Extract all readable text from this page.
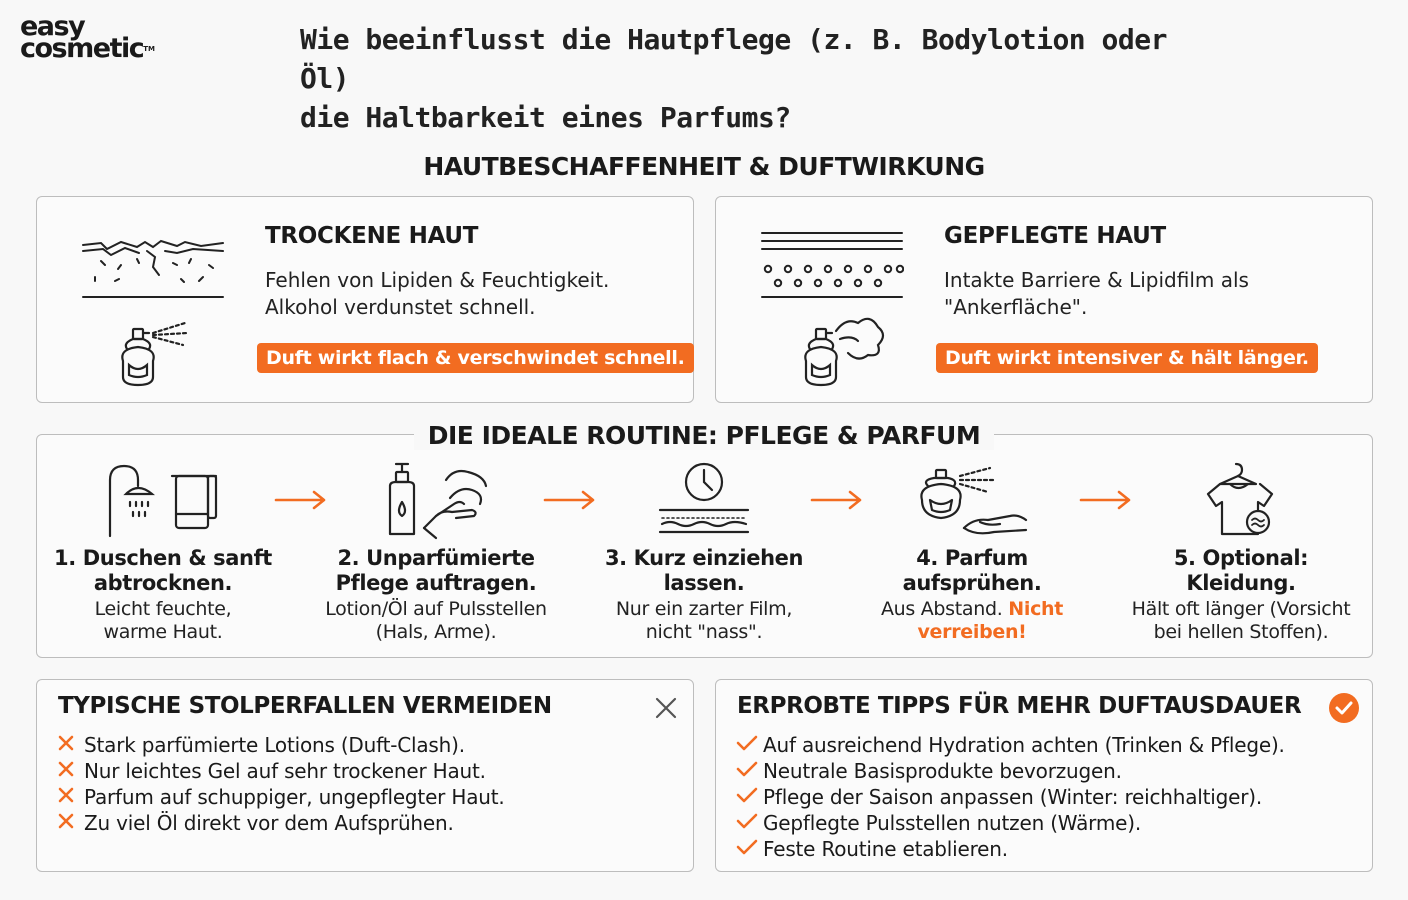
easy
cosmetic™	Wie beeinflusst die Hautpflege (z. B. Bodylotion oder Öl)
die Haltbarkeit eines Parfums?
HAUTBESCHAFFENHEIT & DUFTWIRKUNG
TROCKENE HAUT
Fehlen von Lipiden & Feuchtigkeit.
Alkohol verdunstet schnell.
Duft wirkt flach & verschwindet schnell.
GEPFLEGTE HAUT
Intakte Barriere & Lipidfilm als
"Ankerfläche".
Duft wirkt intensiver & hält länger.
DIE IDEALE ROUTINE: PFLEGE & PARFUM
1. Duschen & sanft
abtrocknen.
Leicht feuchte,
warme Haut.
2. Unparfümierte
Pflege auftragen.
Lotion/Öl auf Pulsstellen
(Hals, Arme).
3. Kurz einziehen
lassen.
Nur ein zarter Film,
nicht "nass".
4. Parfum
aufsprühen.
Aus Abstand. Nicht
verreiben!
5. Optional:
Kleidung.
Hält oft länger (Vorsicht
bei hellen Stoffen).
TYPISCHE STOLPERFALLEN VERMEIDEN
Stark parfümierte Lotions (Duft-Clash).
Nur leichtes Gel auf sehr trockener Haut.
Parfum auf schuppiger, ungepflegter Haut.
Zu viel Öl direkt vor dem Aufsprühen.
ERPROBTE TIPPS FÜR MEHR DUFTAUSDAUER
Auf ausreichend Hydration achten (Trinken & Pflege).
Neutrale Basisprodukte bevorzugen.
Pflege der Saison anpassen (Winter: reichhaltiger).
Gepflegte Pulsstellen nutzen (Wärme).
Feste Routine etablieren.
